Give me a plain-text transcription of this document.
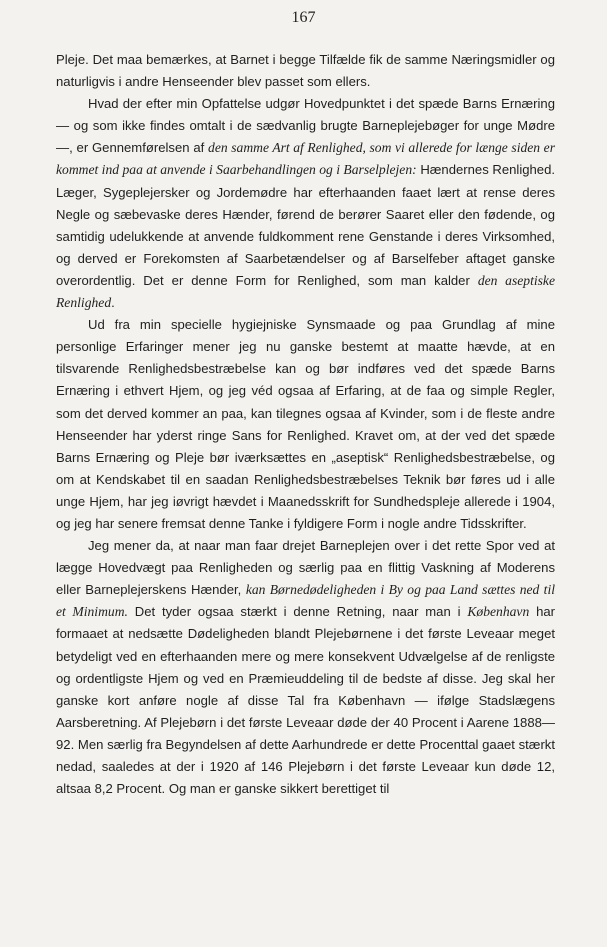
167

Pleje. Det maa bemærkes, at Barnet i begge Tilfælde fik de samme Næringsmidler og naturligvis i andre Henseender blev passet som ellers.

Hvad der efter min Opfattelse udgør Hovedpunktet i det spæde Barns Ernæring — og som ikke findes omtalt i de sædvanlig brugte Barneplejebøger for unge Mødre —, er Gennemførelsen af den samme Art af Renlighed, som vi allerede for længe siden er kommet ind paa at anvende i Saarbehandlingen og i Barselplejen: Hændernes Renlighed. Læger, Sygeplejersker og Jordemødre har efterhaanden faaet lært at rense deres Negle og sæbevaske deres Hænder, førend de berører Saaret eller den fødende, og samtidig udelukkende at anvende fuldkomment rene Genstande i deres Virksomhed, og derved er Forekomsten af Saarbetændelser og af Barselfeber aftaget ganske overordentlig. Det er denne Form for Renlighed, som man kalder den aseptiske Renlighed.

Ud fra min specielle hygiejniske Synsmaade og paa Grundlag af mine personlige Erfaringer mener jeg nu ganske bestemt at maatte hævde, at en tilsvarende Renlighedsbestræbelse kan og bør indføres ved det spæde Barns Ernæring i ethvert Hjem, og jeg véd ogsaa af Erfaring, at de faa og simple Regler, som det derved kommer an paa, kan tilegnes ogsaa af Kvinder, som i de fleste andre Henseender har yderst ringe Sans for Renlighed. Kravet om, at der ved det spæde Barns Ernæring og Pleje bør iværksættes en „aseptisk“ Renlighedsbestræbelse, og om at Kendskabet til en saadan Renlighedsbestræbelses Teknik bør føres ud i alle unge Hjem, har jeg iøvrigt hævdet i Maanedsskrift for Sundhedspleje allerede i 1904, og jeg har senere fremsat denne Tanke i fyldigere Form i nogle andre Tidsskrifter.

Jeg mener da, at naar man faar drejet Barneplejen over i det rette Spor ved at lægge Hovedvægt paa Renligheden og særlig paa en flittig Vaskning af Moderens eller Barneplejerskens Hænder, kan Børnedødeligheden i By og paa Land sættes ned til et Minimum. Det tyder ogsaa stærkt i denne Retning, naar man i København har formaaet at nedsætte Dødeligheden blandt Plejebørnene i det første Leveaar meget betydeligt ved en efterhaanden mere og mere konsekvent Udvælgelse af de renligste og ordentligste Hjem og ved en Præmieuddeling til de bedste af disse. Jeg skal her ganske kort anføre nogle af disse Tal fra København — ifølge Stadslægens Aarsberetning. Af Plejebørn i det første Leveaar døde der 40 Procent i Aarene 1888—92. Men særlig fra Begyndelsen af dette Aarhundrede er dette Procenttal gaaet stærkt nedad, saaledes at der i 1920 af 146 Plejebørn i det første Leveaar kun døde 12, altsaa 8,2 Procent. Og man er ganske sikkert berettiget til
